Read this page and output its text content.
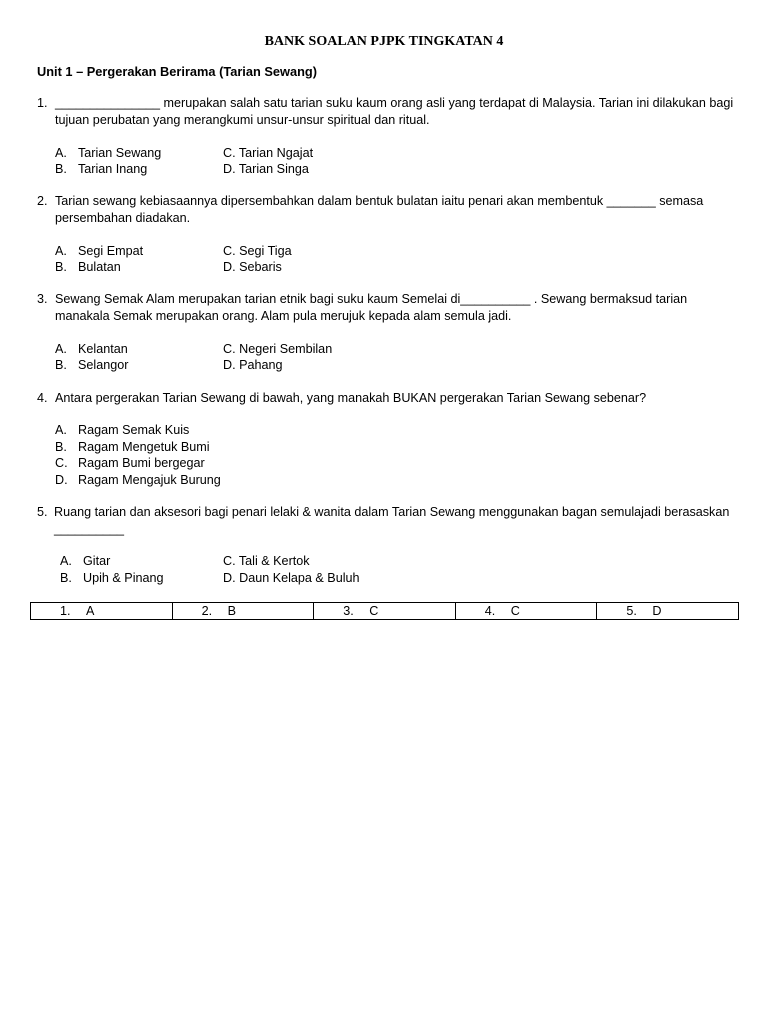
BANK SOALAN PJPK TINGKATAN 4
Unit 1 – Pergerakan Berirama (Tarian Sewang)
1. _______________ merupakan salah satu tarian suku kaum orang asli yang terdapat di Malaysia. Tarian ini dilakukan bagi tujuan perubatan yang merangkumi unsur-unsur spiritual dan ritual.
A. Tarian Sewang
B. Tarian Inang
C. Tarian Ngajat
D. Tarian Singa
2. Tarian sewang kebiasaannya dipersembahkan dalam bentuk bulatan iaitu penari akan membentuk _______ semasa persembahan diadakan.
A. Segi Empat
B. Bulatan
C. Segi Tiga
D. Sebaris
3. Sewang Semak Alam merupakan tarian etnik bagi suku kaum Semelai di__________ . Sewang bermaksud tarian manakala Semak merupakan orang. Alam pula merujuk kepada alam semula jadi.
A. Kelantan
B. Selangor
C. Negeri Sembilan
D. Pahang
4. Antara pergerakan Tarian Sewang di bawah, yang manakah BUKAN pergerakan Tarian Sewang sebenar?
A. Ragam Semak Kuis
B. Ragam Mengetuk Bumi
C. Ragam Bumi bergegar
D. Ragam Mengajuk Burung
5. Ruang tarian dan aksesori bagi penari lelaki & wanita dalam Tarian Sewang menggunakan bagan semulajadi berasaskan __________
A. Gitar
B. Upih & Pinang
C. Tali & Kertok
D. Daun Kelapa & Buluh
1. A	2. B	3. C	4. C	5. D
